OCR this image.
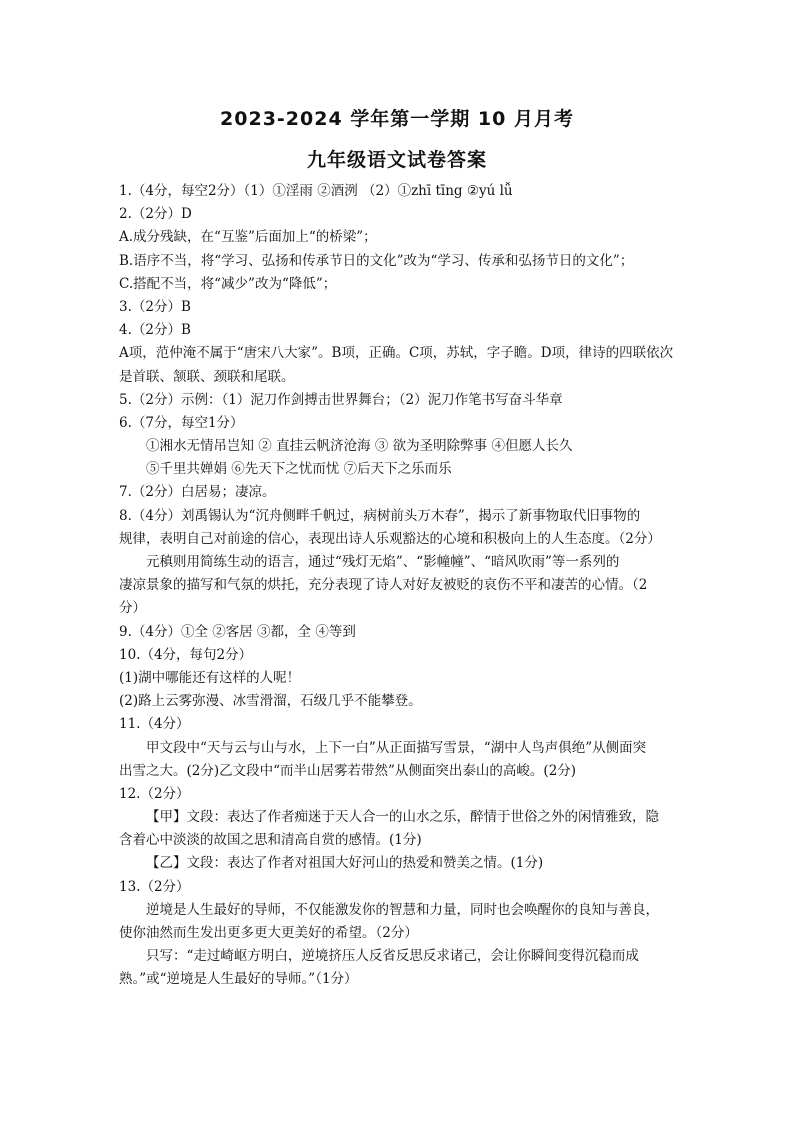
2023-2024 学年第一学期 10 月月考
九年级语文试卷答案
1.（4分，每空2分）（1）①淫雨 ②酒洌 （2）①zhī tīng ②yú lǚ
2.（2分）D
A.成分残缺，在“互鉴”后面加上“的桥梁”；
B.语序不当，将“学习、弘扬和传承节日的文化”改为“学习、传承和弘扬节日的文化”；
C.搭配不当，将“减少”改为“降低”；
3.（2分）B
4.（2分）B
A项，范仲淹不属于“唐宋八大家”。B项，正确。C项，苏轼，字子瞻。D项，律诗的四联依次
是首联、颔联、颈联和尾联。
5.（2分）示例：（1）泥刀作剑搏击世界舞台；（2）泥刀作笔书写奋斗华章
6.（7分，每空1分）
①湘水无情吊岂知 ② 直挂云帆济沧海 ③ 欲为圣明除弊事 ④但愿人长久
⑤千里共婵娟 ⑥先天下之忧而忧 ⑦后天下之乐而乐
7.（2分）白居易；凄凉。
8.（4分）刘禹锡认为“沉舟侧畔千帆过，病树前头万木春”，揭示了新事物取代旧事物的
规律，表明自己对前途的信心，表现出诗人乐观豁达的心境和积极向上的人生态度。（2分）
元稹则用简练生动的语言，通过“残灯无焰”、“影幢幢”、“暗风吹雨”等一系列的
凄凉景象的描写和气氛的烘托，充分表现了诗人对好友被贬的哀伤不平和凄苦的心情。（2
分）
9.（4分）①全 ②客居 ③都，全 ④等到
10.（4分，每句2分）
(1)湖中哪能还有这样的人呢！
(2)路上云雾弥漫、冰雪滑溜，石级几乎不能攀登。
11.（4分）
甲文段中“天与云与山与水，上下一白”从正面描写雪景，“湖中人鸟声俱绝”从侧面突
出雪之大。(2分)乙文段中“而半山居雾若带然”从侧面突出泰山的高峻。(2分)
12.（2分）
【甲】文段：表达了作者痴迷于天人合一的山水之乐，醉情于世俗之外的闲情雅致，隐
含着心中淡淡的故国之思和清高自赏的感情。(1分)
【乙】文段：表达了作者对祖国大好河山的热爱和赞美之情。(1分)
13.（2分）
逆境是人生最好的导师，不仅能激发你的智慧和力量，同时也会唤醒你的良知与善良，
使你油然而生发出更多更大更美好的希望。（2分）
只写：“走过崎岖方明白，逆境挤压人反省反思反求诸己，会让你瞬间变得沉稳而成
熟。”或“逆境是人生最好的导师。”（1分）
